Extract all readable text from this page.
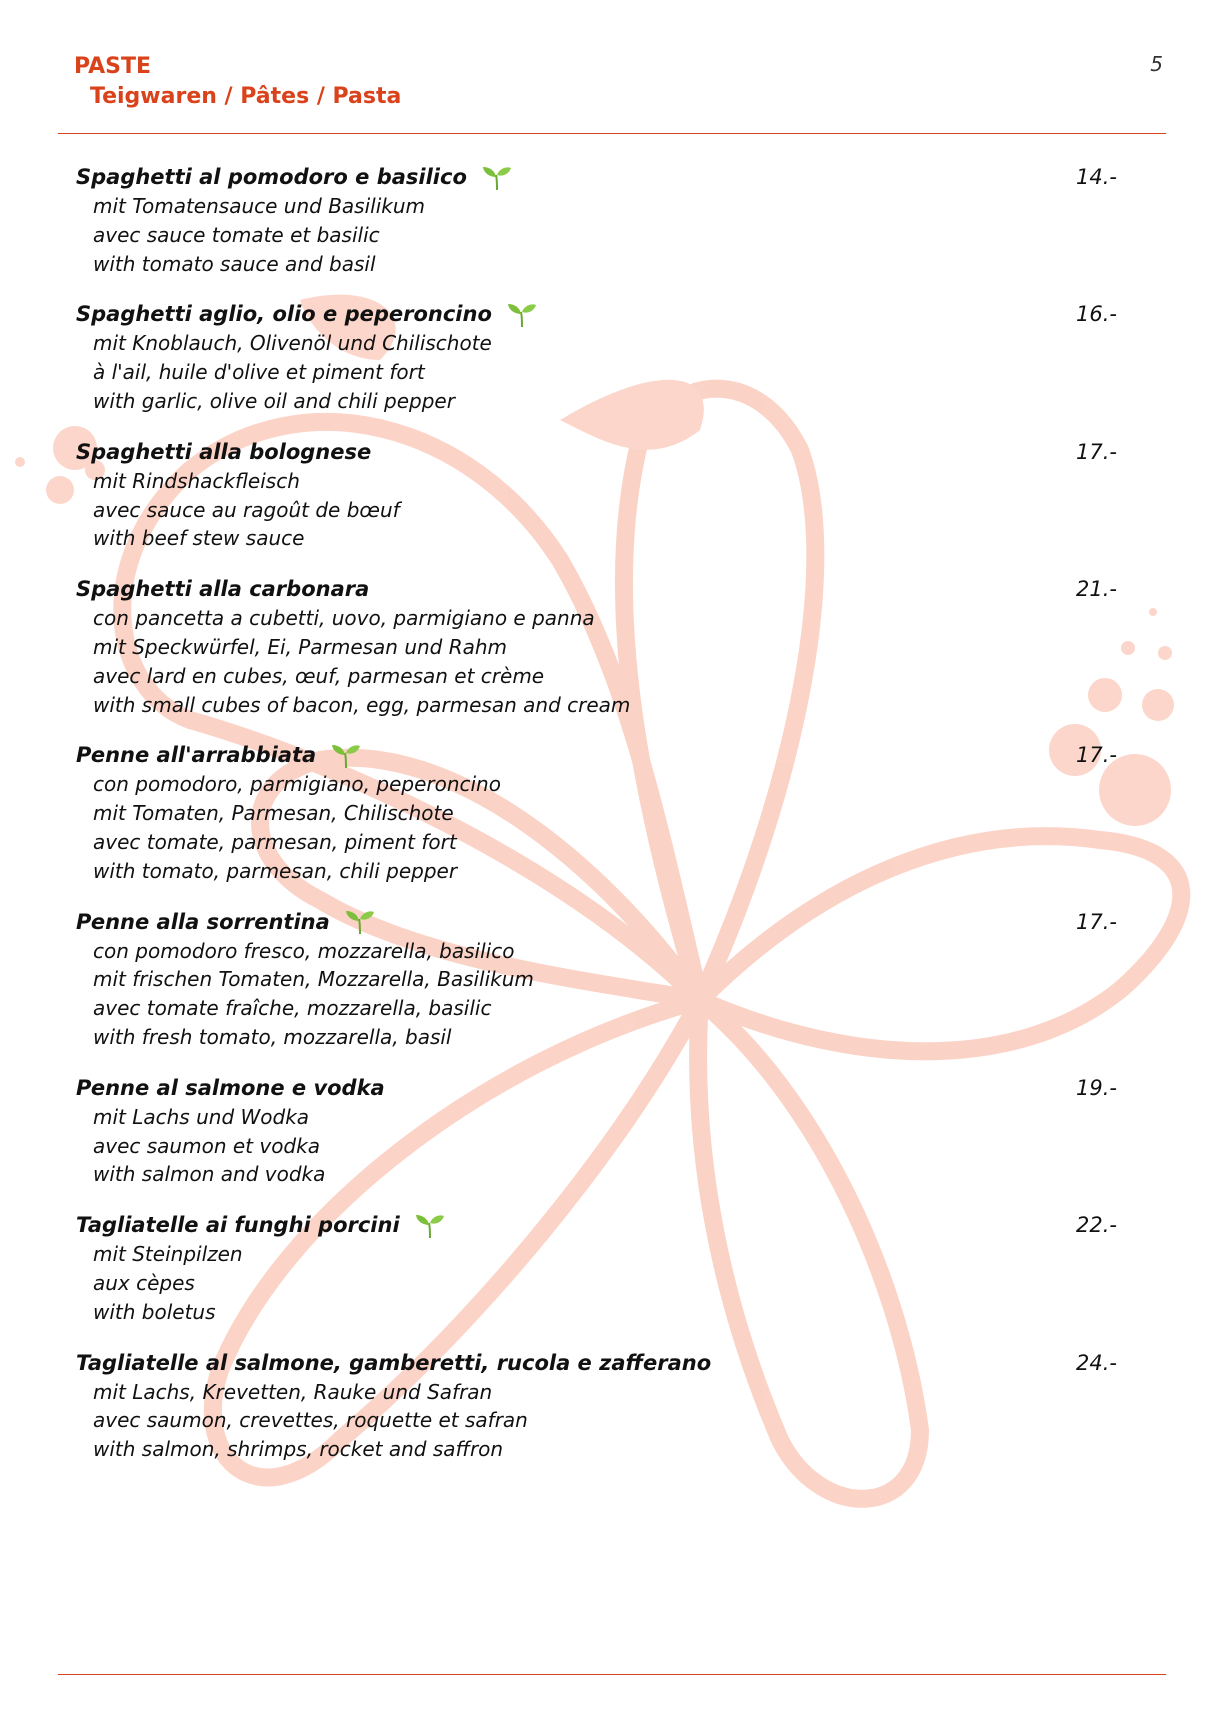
PASTE
Teigwaren / Pâtes / Pasta
5
Spaghetti al pomodoro e basilico	14.-
mit Tomatensauce und Basilikum
avec sauce tomate et basilic
with tomato sauce and basil
Spaghetti aglio, olio e peperoncino	16.-
mit Knoblauch, Olivenöl und Chilischote
à l'ail, huile d'olive et piment fort
with garlic, olive oil and chili pepper
Spaghetti alla bolognese	17.-
mit Rindshackfleisch
avec sauce au ragoût de bœuf
with beef stew sauce
Spaghetti alla carbonara	21.-
con pancetta a cubetti, uovo, parmigiano e panna
mit Speckwürfel, Ei, Parmesan und Rahm
avec lard en cubes, œuf, parmesan et crème
with small cubes of bacon, egg, parmesan and cream
Penne all'arrabbiata	17.-
con pomodoro, parmigiano, peperoncino
mit Tomaten, Parmesan, Chilischote
avec tomate, parmesan, piment fort
with tomato, parmesan, chili pepper
Penne alla sorrentina	17.-
con pomodoro fresco, mozzarella, basilico
mit frischen Tomaten, Mozzarella, Basilikum
avec tomate fraîche, mozzarella, basilic
with fresh tomato, mozzarella, basil
Penne al salmone e vodka	19.-
mit Lachs und Wodka
avec saumon et vodka
with salmon and vodka
Tagliatelle ai funghi porcini	22.-
mit Steinpilzen
aux cèpes
with boletus
Tagliatelle al salmone, gamberetti, rucola e zafferano	24.-
mit Lachs, Krevetten, Rauke und Safran
avec saumon, crevettes, roquette et safran
with salmon, shrimps, rocket and saffron
